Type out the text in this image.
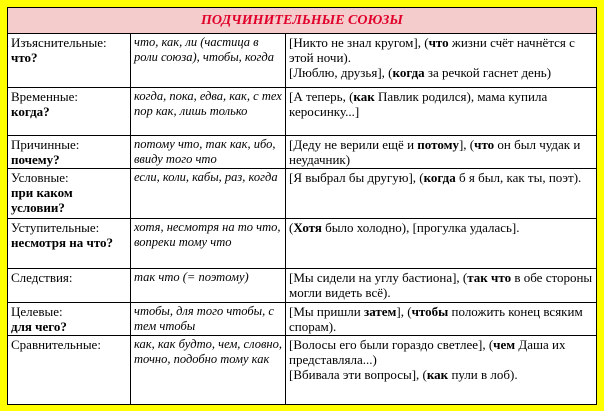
ПОДЧИНИТЕЛЬНЫЕ СОЮЗЫ		
Изъяснительные:
что?	что, как, ли (частица в роли союза), чтобы, когда	[Никто не знал кругом], (что жизни счёт начнётся с этой ночи).
[Люблю, друзья], (когда за речкой гаснет день)

Временные:
когда?	когда, пока, едва, как, с тех пор как, лишь только	[А теперь, (как Павлик родился), мама купила керосинку...]

Причинные:
почему?	потому что, так как, ибо, ввиду того что	[Деду не верили ещё и потому], (что он был чудак и неудачник)

Условные:
при каком условии?	если, коли, кабы, раз, когда	[Я выбрал бы другую], (когда б я был, как ты, поэт).

Уступительные:
несмотря на что?	хотя, несмотря на то что, вопреки тому что	(Хотя было холодно), [прогулка удалась].

Следствия:	так что (= поэтому)	[Мы сидели на углу бастиона], (так что в обе стороны могли видеть всё).

Целевые:
для чего?	чтобы, для того чтобы, с тем чтобы	[Мы пришли затем], (чтобы положить конец всяким спорам).

Сравнительные:	как, как будто, чем, словно, точно, подобно тому как	[Волосы его были гораздо светлее], (чем Даша их представляла...)
[Вбивала эти вопросы], (как пули в лоб).
